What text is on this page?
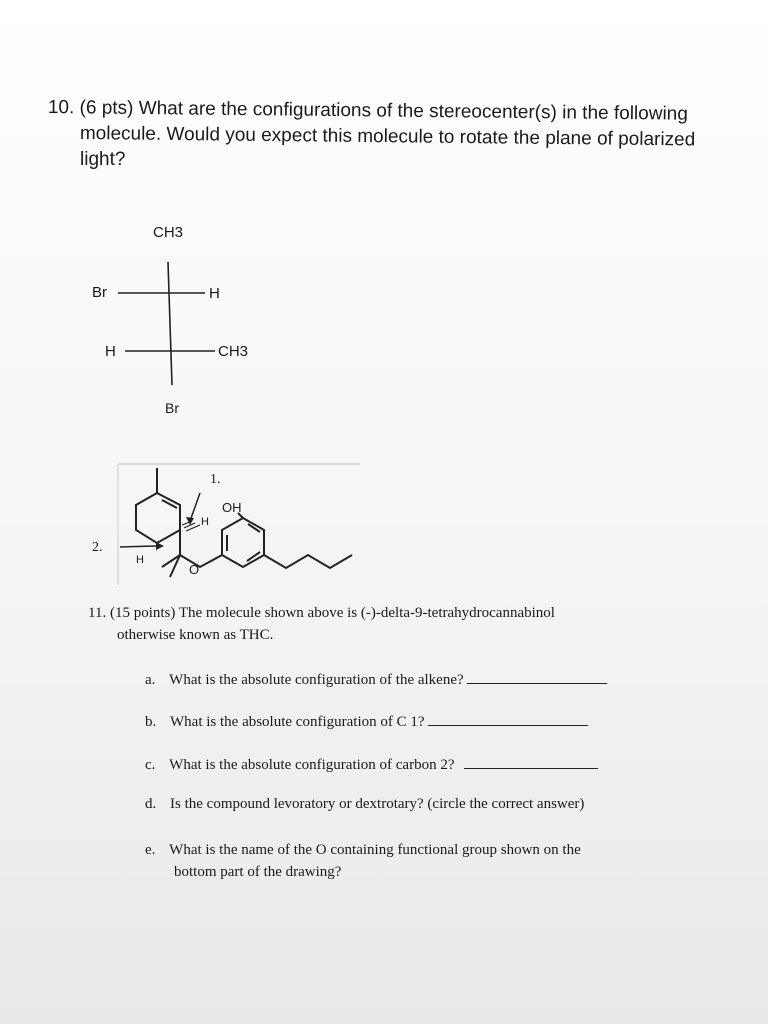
10. (6 pts) What are the configurations of the stereocenter(s) in the following
molecule. Would you expect this molecule to rotate the plane of polarized
light?
CH3
Br	H
H	CH3
Br
1.
OH
H
2.
H
O
11. (15 points) The molecule shown above is (-)-delta-9-tetrahydrocannabinol
otherwise known as THC.
a. What is the absolute configuration of the alkene?
b. What is the absolute configuration of C 1?
c. What is the absolute configuration of carbon 2?
d. Is the compound levoratory or dextrotary? (circle the correct answer)
e. What is the name of the O containing functional group shown on the
bottom part of the drawing?
